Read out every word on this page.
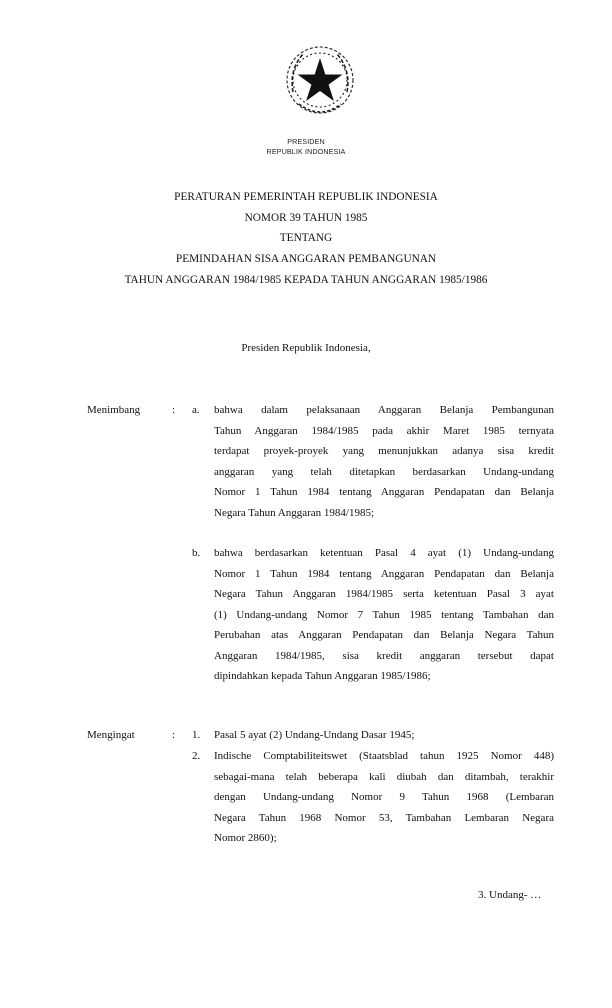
PRESIDEN
REPUBLIK INDONESIA
PERATURAN PEMERINTAH REPUBLIK INDONESIA
NOMOR 39 TAHUN 1985
TENTANG
PEMINDAHAN SISA ANGGARAN PEMBANGUNAN
TAHUN ANGGARAN 1984/1985 KEPADA TAHUN ANGGARAN 1985/1986
Presiden Republik Indonesia,
Menimbang	: a. bahwa dalam pelaksanaan Anggaran Belanja Pembangunan
Tahun Anggaran 1984/1985 pada akhir Maret 1985 ternyata
terdapat proyek-proyek yang menunjukkan adanya sisa kredit
anggaran yang telah ditetapkan berdasarkan Undang-undang
Nomor 1 Tahun 1984 tentang Anggaran Pendapatan dan Belanja
Negara Tahun Anggaran 1984/1985;
b. bahwa berdasarkan ketentuan Pasal 4 ayat (1) Undang-undang
Nomor 1 Tahun 1984 tentang Anggaran Pendapatan dan Belanja
Negara Tahun Anggaran 1984/1985 serta ketentuan Pasal 3 ayat
(1) Undang-undang Nomor 7 Tahun 1985 tentang Tambahan dan
Perubahan atas Anggaran Pendapatan dan Belanja Negara Tahun
Anggaran 1984/1985, sisa kredit anggaran tersebut dapat
dipindahkan kepada Tahun Anggaran 1985/1986;
Mengingat	: 1. Pasal 5 ayat (2) Undang-Undang Dasar 1945;
2. Indische Comptabiliteitswet (Staatsblad tahun 1925 Nomor 448)
sebagai-mana telah beberapa kali diubah dan ditambah, terakhir
dengan Undang-undang Nomor 9 Tahun 1968 (Lembaran
Negara Tahun 1968 Nomor 53, Tambahan Lembaran Negara
Nomor 2860);
3. Undang- …
